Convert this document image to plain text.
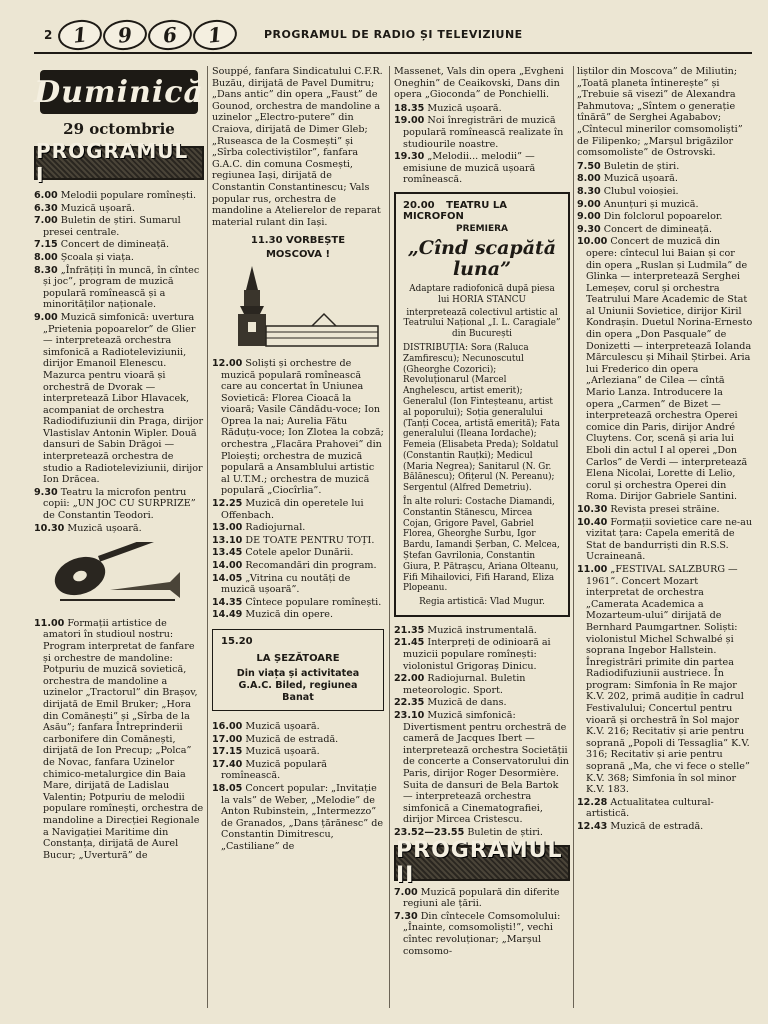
2 1	9	6	1	PROGRAMUL DE RADIO ȘI TELEVIZIUNE
Duminică
29 octombrie
PROGRAMUL I

6.00 Melodii populare romînești.

6.30 Muzică ușoară.

7.00 Buletin de știri. Sumarul presei centrale.

7.15 Concert de dimineață.

8.00 Școala și viața.

8.30 „Înfrățiți în muncă, în cîntec și joc”, program de muzică populară romînească și a minorităților naționale.

9.00 Muzică simfonică: uvertura „Prietenia popoarelor” de Glier — interpretează orchestra simfonică a Radioteleviziunii, dirijor Emanoil Elenescu. Mazurca pentru vioară și orchestră de Dvorak — interpretează Libor Hlavacek, acompaniat de orchestra Radiodifuziunii din Praga, dirijor Vlastislav Antonin Wipler. Două dansuri de Sabin Drăgoi — interpretează orchestra de studio a Radioteleviziunii, dirijor Ion Drăcea.

9.30 Teatru la microfon pentru copii: „UN JOC CU SURPRIZE” de Constantin Teodori.

10.30 Muzică ușoară.

11.00 Formații artistice de amatori în studioul nostru: Program interpretat de fanfare și orchestre de mandoline: Potpuriu de muzică sovietică, orchestra de mandoline a uzinelor „Tractorul” din Brașov, dirijată de Emil Bruker; „Hora din Comănești” și „Sîrba de la Asău”; fanfara Întreprinderii carbonifere din Comănești, dirijată de Ion Precup; „Polca” de Novac, fanfara Uzinelor chimico-metalurgice din Baia Mare, dirijată de Ladislau Valentin; Potpuriu de melodii populare romînești, orchestra de mandoline a Direcției Regionale a Navigației Maritime din Constanța, dirijată de Aurel Bucur; „Uvertură” de

Souppé, fanfara Sindicatului C.F.R. Buzău, dirijată de Pavel Dumitru; „Dans antic” din opera „Faust” de Gounod, orchestra de mandoline a uzinelor „Electro-putere” din Craiova, dirijată de Dimer Gleb; „Ruseasca de la Cosmești” și „Sîrba colectiviștilor”, fanfara G.A.C. din comuna Cosmești, regiunea Iași, dirijată de Constantin Constantinescu; Vals popular rus, orchestra de mandoline a Atelierelor de reparat material rulant din Iași.

11.30 VORBEȘTE
MOSCOVA !

12.00 Soliști și orchestre de muzică populară romînească care au concertat în Uniunea Sovietică: Florea Cioacă la vioară; Vasile Căndădu-voce; Ion Oprea la nai; Aurelia Fătu Răduțu-voce; Ion Zlotea la cobză; orchestra „Flacăra Prahovei” din Ploiești; orchestra de muzică populară a Ansamblului artistic al U.T.M.; orchestra de muzică populară „Ciocîrlia”.

12.25 Muzică din operetele lui Offenbach.

13.00 Radiojurnal.

13.10 DE TOATE PENTRU TOȚI.

13.45 Cotele apelor Dunării.

14.00 Recomandări din program.

14.05 „Vitrina cu noutăți de muzică ușoară”.

14.35 Cîntece populare romînești.

14.49 Muzică din opere.

15.20
LA ȘEZĂTOARE
Din viața și activitatea G.A.C. Biled, regiunea Banat

16.00 Muzică ușoară.

17.00 Muzică de estradă.

17.15 Muzică ușoară.

17.40 Muzică populară romînească.

18.05 Concert popular: „Invitație la vals” de Weber, „Melodie” de Anton Rubinstein, „Intermezzo” de Granados, „Dans țărănesc” de Constantin Dimitrescu, „Castiliane” de

Massenet, Vals din opera „Evgheni Oneghin” de Ceaikovski, Dans din opera „Gioconda” de Ponchielli.

18.35 Muzică ușoară.

19.00 Noi înregistrări de muzică populară romînească realizate în studiourile noastre.

19.30 „Melodii... melodii” — emisiune de muzică ușoară romînească.

20.00 TEATRU LA MICROFON
PREMIERA
„Cînd scapătă luna”
Adaptare radiofonică după piesa lui HORIA STANCU
interpretează colectivul artistic al Teatrului Național „I. L. Caragiale” din București
DISTRIBUȚIA: Sora (Raluca Zamfirescu); Necunoscutul (Gheorghe Cozorici); Revoluționarul (Marcel Anghelescu, artist emerit); Generalul (Ion Finteșteanu, artist al poporului); Soția generalului (Tanți Cocea, artistă emerită); Fata generalului (Ileana Iordache); Femeia (Elisabeta Preda); Soldatul (Constantin Rauțki); Medicul (Maria Negrea); Sanitarul (N. Gr. Bălănescu); Ofițerul (N. Pereanu); Sergentul (Alfred Demetriu).
În alte roluri: Costache Diamandi, Constantin Stănescu, Mircea Cojan, Grigore Pavel, Gabriel Florea, Gheorghe Surbu, Igor Bardu, Iamandi Șerban, C. Melcea, Ștefan Gavrilonia, Constantin Giura, P. Pătrașcu, Ariana Olteanu, Fifi Mihailovici, Fifi Harand, Eliza Plopeanu.
Regia artistică: Vlad Mugur.

21.35 Muzică instrumentală.

21.45 Interpreți de odinioară ai muzicii populare romînești: violonistul Grigoraș Dinicu.

22.00 Radiojurnal. Buletin meteorologic. Sport.

22.35 Muzică de dans.

23.10 Muzică simfonică: Divertisment pentru orchestră de cameră de Jacques Ibert — interpretează orchestra Societății de concerte a Conservatorului din Paris, dirijor Roger Desormière. Suita de dansuri de Bela Bartok — interpretează orchestra simfonică a Cinematografiei, dirijor Mircea Cristescu.

23.52—23.55 Buletin de știri.

PROGRAMUL II

7.00 Muzică populară din diferite regiuni ale țării.

7.30 Din cîntecele Comsomolului: „Înainte, comsomoliști!”, vechi cîntec revoluționar; „Marșul comsomo-

liștilor din Moscova” de Miliutin; „Toată planeta întinerește” și „Trebuie să visezi” de Alexandra Pahmutova; „Sîntem o generație tînără” de Serghei Agababov; „Cîntecul minerilor comsomoliști” de Filipenko; „Marșul brigăzilor comsomoliste” de Ostrovski.

7.50 Buletin de știri.

8.00 Muzică ușoară.

8.30 Clubul voioșiei.

9.00 Anunțuri și muzică.

9.00 Din folclorul popoarelor.

9.30 Concert de dimineață.

10.00 Concert de muzică din opere: cîntecul lui Baian și cor din opera „Ruslan și Ludmila” de Glinka — interpretează Serghei Lemeșev, corul și orchestra Teatrului Mare Academic de Stat al Uniunii Sovietice, dirijor Kiril Kondrașin. Duetul Norina-Ernesto din opera „Don Pasquale” de Donizetti — interpretează Iolanda Mărculescu și Mihail Știrbei. Aria lui Frederico din opera „Arleziana” de Cilea — cîntă Mario Lanza. Introducere la opera „Carmen” de Bizet — interpretează orchestra Operei comice din Paris, dirijor André Cluytens. Cor, scenă și aria lui Eboli din actul I al operei „Don Carlos” de Verdi — interpretează Elena Nicolai, Lorette di Lelio, corul și orchestra Operei din Roma. Dirijor Gabriele Santini.

10.30 Revista presei străine.

10.40 Formații sovietice care ne-au vizitat țara: Capela emerită de Stat de bandurriști din R.S.S. Ucraineană.

11.00 „FESTIVAL SALZBURG — 1961”. Concert Mozart interpretat de orchestra „Camerata Academica a Mozarteum-ului” dirijată de Bernhard Paumgartner. Soliști: violonistul Michel Schwalbé și soprana Ingebor Hallstein. Înregistrări primite din partea Radiodifuziunii austriece. În program: Simfonia în Re major K.V. 202, primă audiție în cadrul Festivalului; Concertul pentru vioară și orchestră în Sol major K.V. 216; Recitativ și arie pentru soprană „Popoli di Tessaglia” K.V. 316; Recitativ și arie pentru soprană „Ma, che vi fece o stelle” K.V. 368; Simfonia în sol minor K.V. 183.

12.28 Actualitatea cultural-artistică.

12.43 Muzică de estradă.
